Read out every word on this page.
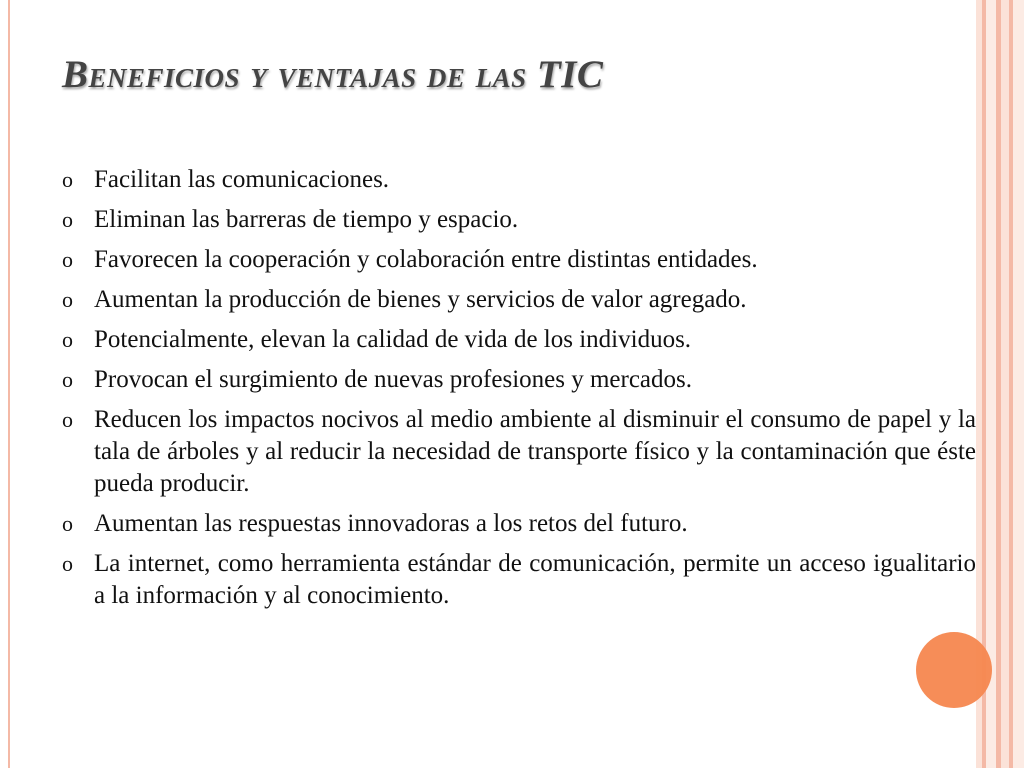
Beneficios y ventajas de las TIC
o Facilitan las comunicaciones.
o Eliminan las barreras de tiempo y espacio.
o Favorecen la cooperación y colaboración entre distintas entidades.
o Aumentan la producción de bienes y servicios de valor agregado.
o Potencialmente, elevan la calidad de vida de los individuos.
o Provocan el surgimiento de nuevas profesiones y mercados.
o Reducen los impactos nocivos al medio ambiente al disminuir el consumo de papel y la tala de árboles y al reducir la necesidad de transporte físico y la contaminación que éste pueda producir.
o Aumentan las respuestas innovadoras a los retos del futuro.
o La internet, como herramienta estándar de comunicación, permite un acceso igualitario a la información y al conocimiento.
